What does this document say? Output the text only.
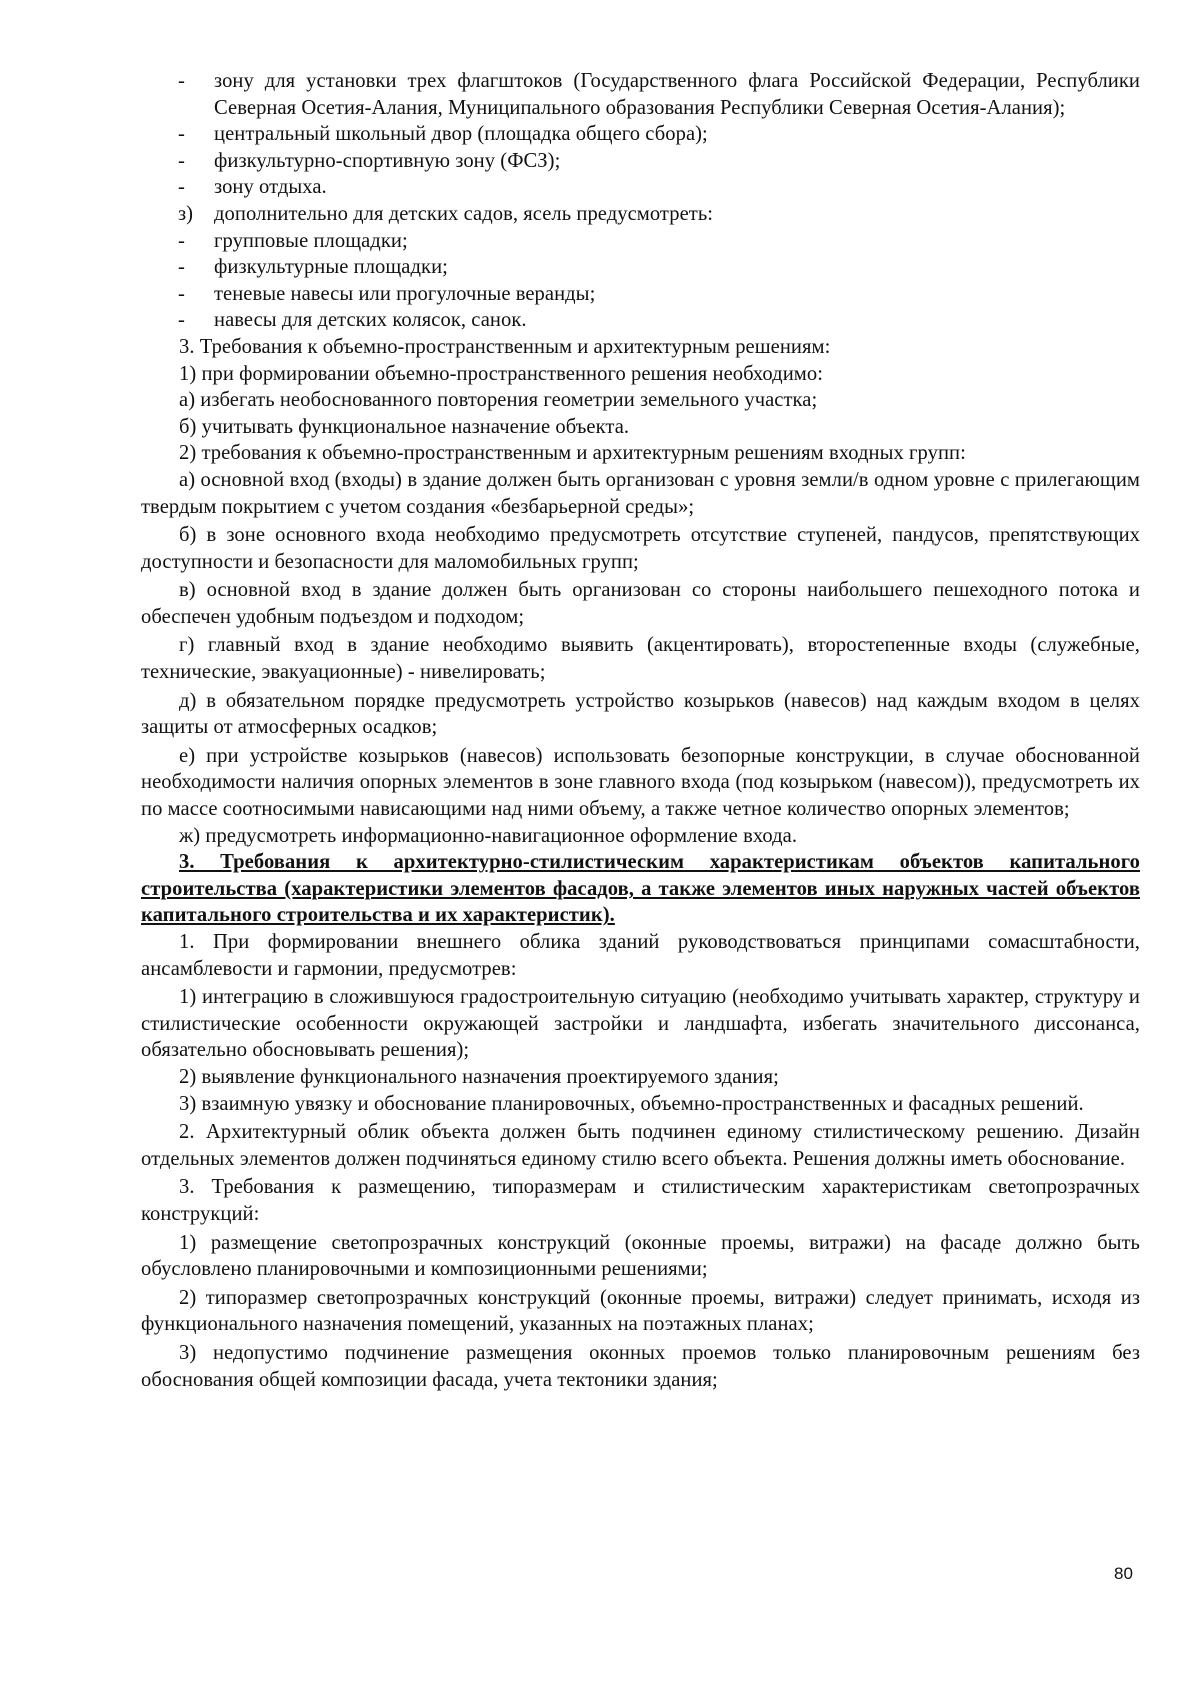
- зону для установки трех флагштоков (Государственного флага Российской Федерации, Республики Северная Осетия-Алания, Муниципального образования Республики Северная Осетия-Алания);

- центральный школьный двор (площадка общего сбора);

- физкультурно-спортивную зону (ФСЗ);

- зону отдыха.

з) дополнительно для детских садов, ясель предусмотреть:

- групповые площадки;

- физкультурные площадки;

- теневые навесы или прогулочные веранды;

- навесы для детских колясок, санок.

3. Требования к объемно-пространственным и архитектурным решениям:

1) при формировании объемно-пространственного решения необходимо:

а) избегать необоснованного повторения геометрии земельного участка;

б) учитывать функциональное назначение объекта.

2) требования к объемно-пространственным и архитектурным решениям входных групп:

а) основной вход (входы) в здание должен быть организован с уровня земли/в одном уровне с прилегающим твердым покрытием с учетом создания «безбарьерной среды»;

б) в зоне основного входа необходимо предусмотреть отсутствие ступеней, пандусов, препятствующих доступности и безопасности для маломобильных групп;

в) основной вход в здание должен быть организован со стороны наибольшего пешеходного потока и обеспечен удобным подъездом и подходом;

г) главный вход в здание необходимо выявить (акцентировать), второстепенные входы (служебные, технические, эвакуационные) - нивелировать;

д) в обязательном порядке предусмотреть устройство козырьков (навесов) над каждым входом в целях защиты от атмосферных осадков;

е) при устройстве козырьков (навесов) использовать безопорные конструкции, в случае обоснованной необходимости наличия опорных элементов в зоне главного входа (под козырьком (навесом)), предусмотреть их по массе соотносимыми нависающими над ними объему, а также четное количество опорных элементов;

ж) предусмотреть информационно-навигационное оформление входа.

3. Требования к архитектурно-стилистическим характеристикам объектов капитального строительства (характеристики элементов фасадов, а также элементов иных наружных частей объектов капитального строительства и их характеристик).

1. При формировании внешнего облика зданий руководствоваться принципами сомасштабности, ансамблевости и гармонии, предусмотрев:

1) интеграцию в сложившуюся градостроительную ситуацию (необходимо учитывать характер, структуру и стилистические особенности окружающей застройки и ландшафта, избегать значительного диссонанса, обязательно обосновывать решения);

2) выявление функционального назначения проектируемого здания;

3) взаимную увязку и обоснование планировочных, объемно-пространственных и фасадных решений.

2. Архитектурный облик объекта должен быть подчинен единому стилистическому решению. Дизайн отдельных элементов должен подчиняться единому стилю всего объекта. Решения должны иметь обоснование.

3. Требования к размещению, типоразмерам и стилистическим характеристикам светопрозрачных конструкций:

1) размещение светопрозрачных конструкций (оконные проемы, витражи) на фасаде должно быть обусловлено планировочными и композиционными решениями;

2) типоразмер светопрозрачных конструкций (оконные проемы, витражи) следует принимать, исходя из функционального назначения помещений, указанных на поэтажных планах;

3) недопустимо подчинение размещения оконных проемов только планировочным решениям без обоснования общей композиции фасада, учета тектоники здания;

80
